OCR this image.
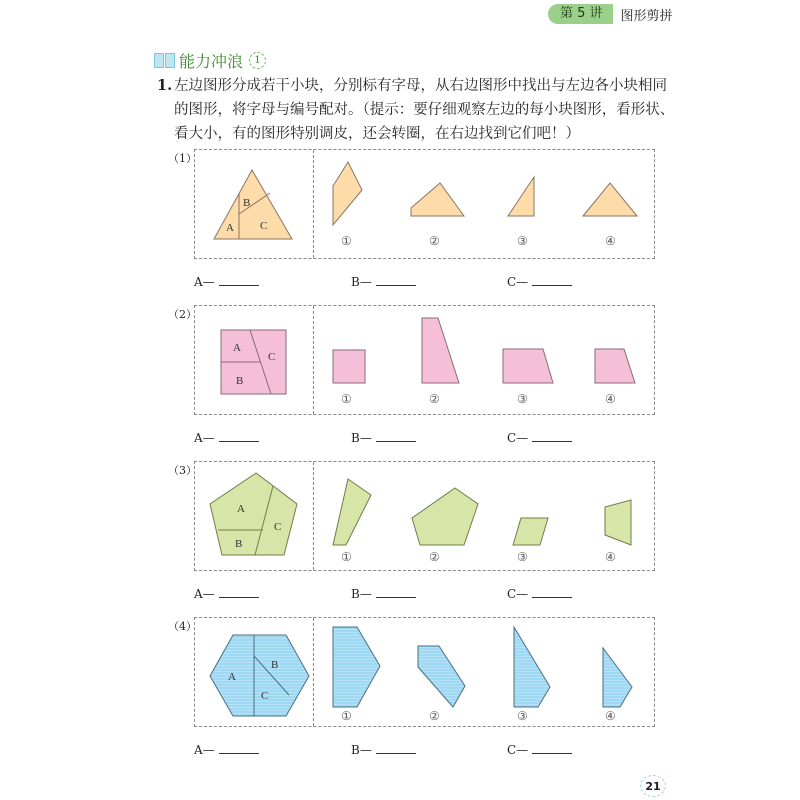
第 5 讲	图形剪拼
能力冲浪	1
1. 左边图形分成若干小块，分别标有字母，从右边图形中找出与左边各小块相同的图形，将字母与编号配对。（提示：要仔细观察左边的每小块图形，看形状、看大小，有的图形特别调皮，还会转圈，在右边找到它们吧！）
（1）
B
A C
①	②	③	④
A—	B—	C—
（2）
A
B
C
①	②	③	④
A—	B—	C—
（3）
A
B
C
①	②	③	④
A—	B—	C—
（4）
A
B
C
①	②	③	④
A—	B—	C—
21
